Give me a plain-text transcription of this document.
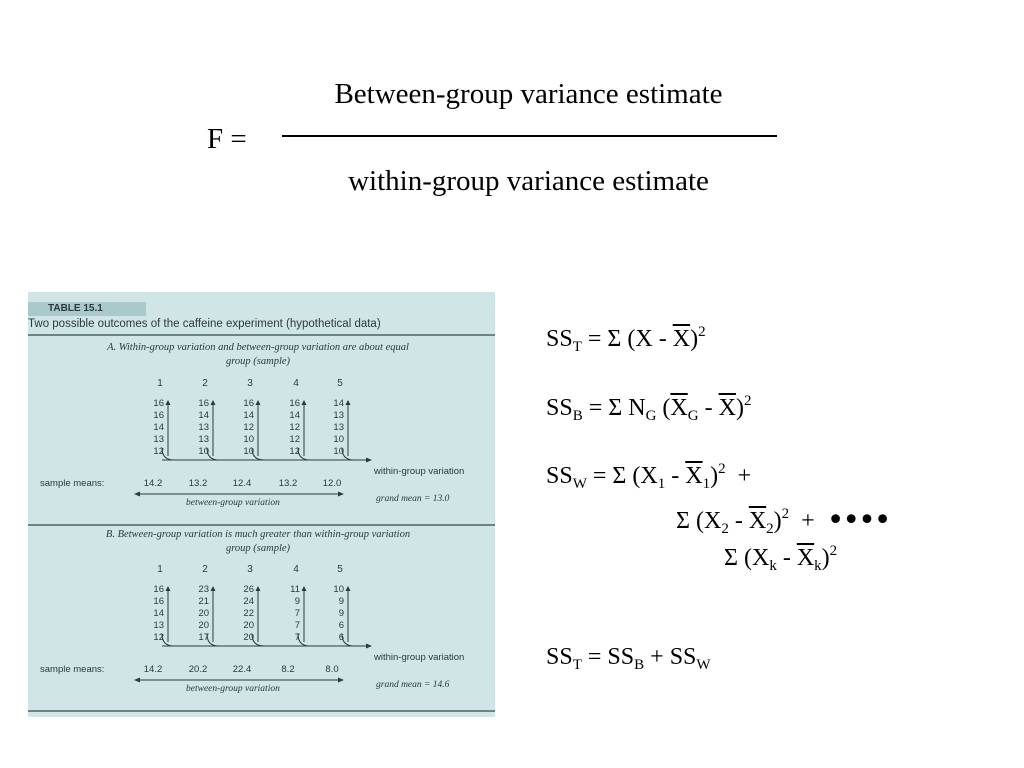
F =
Between-group variance estimate
within-group variance estimate
TABLE 15.1
Two possible outcomes of the caffeine experiment (hypothetical data)
A. Within-group variation and between-group variation are about equal
group (sample)
1	2	3	4	5
16	16	16	16	14
16	14	14	14	13
14	13	12	12	13
13	13	10	12	10
12	10	10	12	10
within-group variation
sample means:	14.2	13.2	12.4	13.2	12.0
between-group variation	grand mean = 13.0
B. Between-group variation is much greater than within-group variation
group (sample)
1	2	3	4	5
16	23	26	11	10
16	21	24	9	9
14	20	22	7	9
13	20	20	7	6
12	17	20	7	6
within-group variation
sample means:	14.2	20.2	22.4	8.2	8.0
between-group variation	grand mean = 14.6
$SS_T = \Sigma$ $(X - \overline{X})^2$
$SS_B = \Sigma$ $N_G$ $(\overline{X}_G - \overline{X})^2$
$SS_W = \Sigma$ $(X_1 - \overline{X}_1)^2$ +
Σ $(X_2 - \overline{X}_2)^2$ + ••••
Σ $(X_k - \overline{X}_k)^2$
$SS_T = SS_B + SS_W$
